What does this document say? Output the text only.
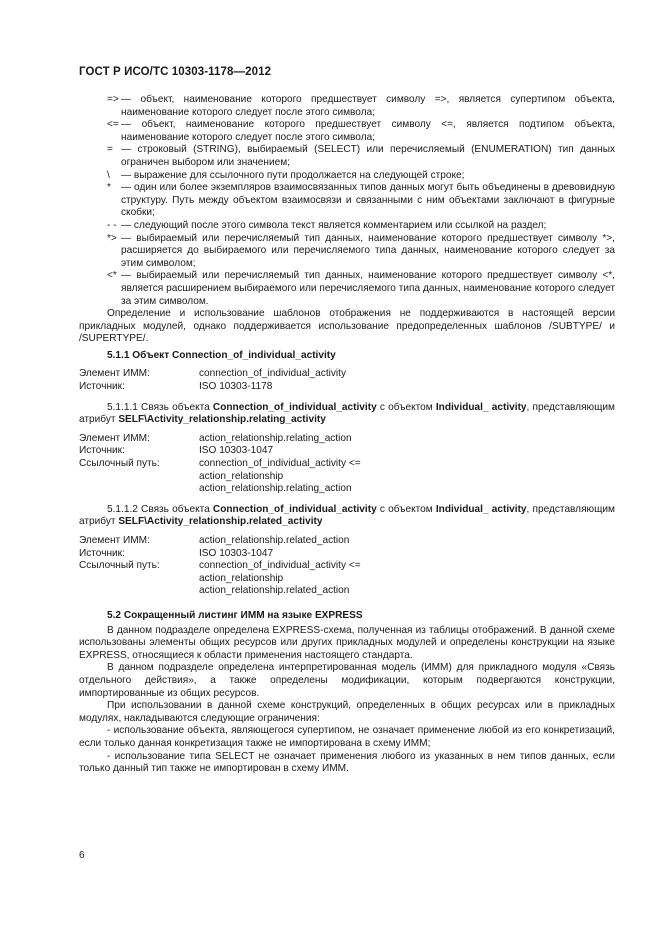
ГОСТ Р ИСО/ТС 10303-1178—2012
=> — объект, наименование которого предшествует символу =>, является супертипом объекта, наименование которого следует после этого символа;
<= — объект, наименование которого предшествует символу <=, является подтипом объекта, наименование которого следует после этого символа;
= — строковый (STRING), выбираемый (SELECT) или перечисляемый (ENUMERATION) тип данных ограничен выбором или значением;
\	— выражение для ссылочного пути продолжается на следующей строке;
* — один или более экземпляров взаимосвязанных типов данных могут быть объединены в древовидную структуру. Путь между объектом взаимосвязи и связанными с ним объектами заключают в фигурные скобки;
- - — следующий после этого символа текст является комментарием или ссылкой на раздел;
*> — выбираемый или перечисляемый тип данных, наименование которого предшествует символу *>, расширяется до выбираемого или перечисляемого типа данных, наименование которого следует за этим символом;
<* — выбираемый или перечисляемый тип данных, наименование которого предшествует символу <*, является расширением выбираемого или перечисляемого типа данных, наименование которого следует за этим символом.

Определение и использование шаблонов отображения не поддерживаются в настоящей версии прикладных модулей, однако поддерживается использование предопределенных шаблонов /SUBTYPE/ и /SUPERTYPE/.

5.1.1 Объект Connection_of_individual_activity
Элемент ИММ:	connection_of_individual_activity
Источник:	ISO 10303-1178

5.1.1.1 Связь объекта Connection_of_individual_activity с объектом Individual_ activity, представляющим атрибут SELF\Activity_relationship.relating_activity

Элемент ИММ:	action_relationship.relating_action
Источник:	ISO 10303-1047
Ссылочный путь:	connection_of_individual_activity <=
action_relationship
action_relationship.relating_action

5.1.1.2 Связь объекта Connection_of_individual_activity с объектом Individual_ activity, представляющим атрибут SELF\Activity_relationship.related_activity

Элемент ИММ:	action_relationship.related_action
Источник:	ISO 10303-1047
Ссылочный путь:	connection_of_individual_activity <=
action_relationship
action_relationship.related_action
5.2 Сокращенный листинг ИММ на языке EXPRESS

В данном подразделе определена EXPRESS-схема, полученная из таблицы отображений. В данной схеме использованы элементы общих ресурсов или других прикладных модулей и определены конструкции на языке EXPRESS, относящиеся к области применения настоящего стандарта.

В данном подразделе определена интерпретированная модель (ИММ) для прикладного модуля «Связь отдельного действия», а также определены модификации, которым подвергаются конструкции, импортированные из общих ресурсов.

При использовании в данной схеме конструкций, определенных в общих ресурсах или в прикладных модулях, накладываются следующие ограничения:

- использование объекта, являющегося супертипом, не означает применение любой из его конкретизаций, если только данная конкретизация также не импортирована в схему ИММ;

- использование типа SELECT не означает применения любого из указанных в нем типов данных, если только данный тип также не импортирован в схему ИММ.

6
